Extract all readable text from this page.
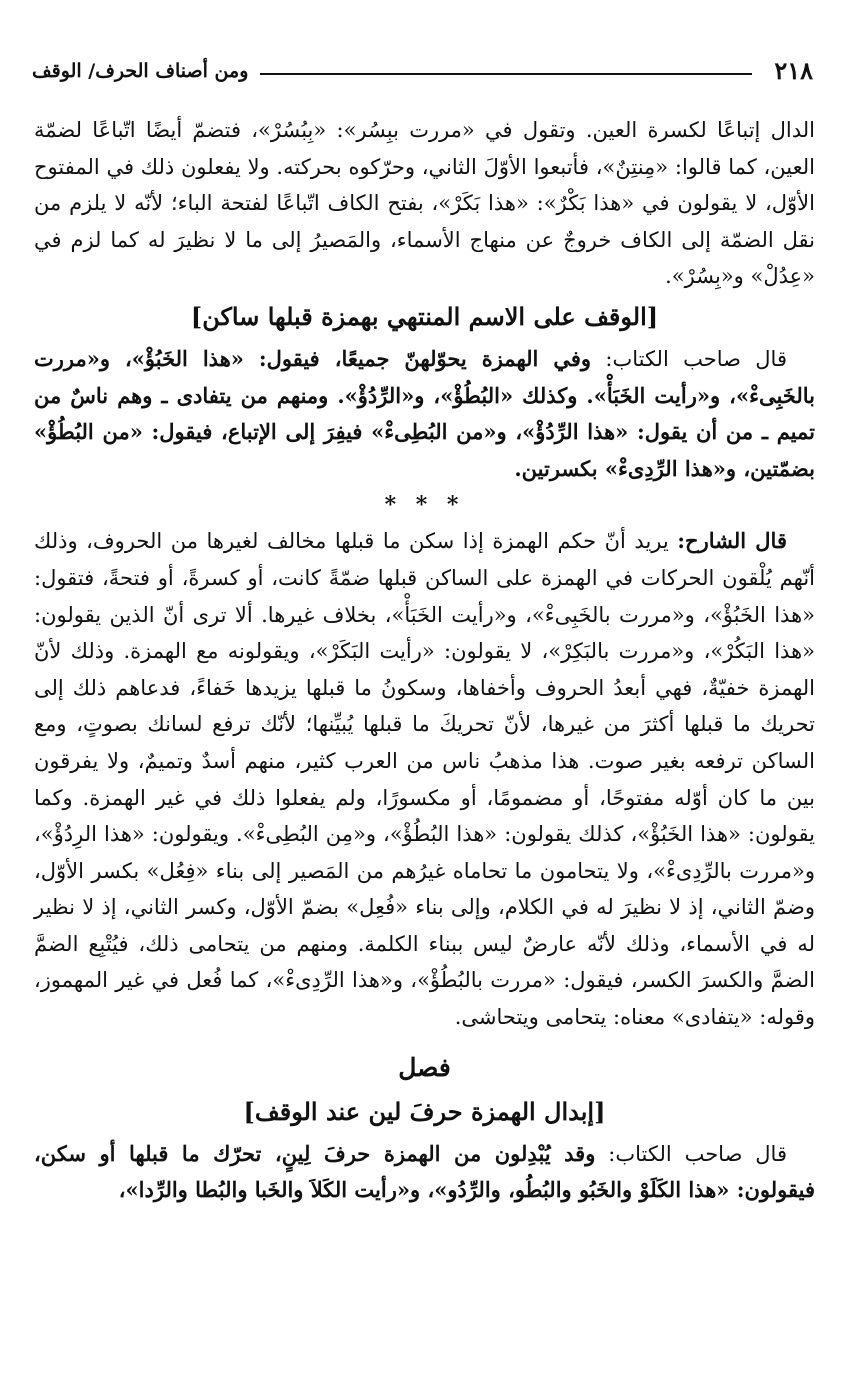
٢١٨
ومن أصناف الحرف/ الوقف

الدال إتباعًا لكسرة العين. وتقول في «مررت ببِسُر»: «بِبُسُرْ»، فتضمّ أيضًا اتّباعًا لضمّة العين، كما قالوا: «مِنتِنٌ»، فأتبعوا الأوّلَ الثاني، وحرّكوه بحركته. ولا يفعلون ذلك في المفتوح الأوّل، لا يقولون في «هذا بَكْرٌ»: «هذا بَكَرْ»، بفتح الكاف اتّباعًا لفتحة الباء؛ لأنّه لا يلزم من نقل الضمّة إلى الكاف خروجٌ عن منهاج الأسماء، والمَصيرُ إلى ما لا نظيرَ له كما لزم في «عِدُلْ» و«بِسُرْ».

[الوقف على الاسم المنتهي بهمزة قبلها ساكن]

قال صاحب الكتاب: وفي الهمزة يحوّلهنّ جميعًا، فيقول: «هذا الخَبُؤْ»، و«مررت بالخَبِىءْ»، و«رأيت الخَبَأْ». وكذلك «البُطُؤْ»، و«الرِّدُؤْ». ومنهم من يتفادى ـ وهم ناسٌ من تميم ـ من أن يقول: «هذا الرِّدُؤْ»، و«من البُطِىءْ» فيفِرَ إلى الإتباع، فيقول: «من البُطُؤْ» بضمّتين، و«هذا الرِّدِىءْ» بكسرتين.

* * *

قال الشارح: يريد أنّ حكم الهمزة إذا سكن ما قبلها مخالف لغيرها من الحروف، وذلك أنّهم يُلْقون الحركات في الهمزة على الساكن قبلها ضمّةً كانت، أو كسرةً، أو فتحةً، فتقول: «هذا الخَبُؤْ»، و«مررت بالخَبِىءْ»، و«رأيت الخَبَأْ»، بخلاف غيرها. ألا ترى أنّ الذين يقولون: «هذا البَكُرْ»، و«مررت بالبَكِرْ»، لا يقولون: «رأيت البَكَرْ»، ويقولونه مع الهمزة. وذلك لأنّ الهمزة خفيّةٌ، فهي أبعدُ الحروف وأخفاها، وسكونُ ما قبلها يزيدها خَفاءً، فدعاهم ذلك إلى تحريك ما قبلها أكثرَ من غيرها، لأنّ تحريكَ ما قبلها يُبيِّنها؛ لأنّك ترفع لسانك بصوتٍ، ومع الساكن ترفعه بغير صوت. هذا مذهبُ ناس من العرب كثير، منهم أسدٌ وتميمٌ، ولا يفرقون بين ما كان أوّله مفتوحًا، أو مضمومًا، أو مكسورًا، ولم يفعلوا ذلك في غير الهمزة. وكما يقولون: «هذا الخَبُؤْ»، كذلك يقولون: «هذا البُطُؤْ»، و«مِن البُطِىءْ». ويقولون: «هذا الرِدُؤْ»، و«مررت بالرِّدِىءْ»، ولا يتحامون ما تحاماه غيرُهم من المَصير إلى بناء «فِعُل» بكسر الأوّل، وضمّ الثاني، إذ لا نظيرَ له في الكلام، وإلى بناء «فُعِل» بضمّ الأوّل، وكسر الثاني، إذ لا نظير له في الأسماء، وذلك لأنّه عارضٌ ليس ببناء الكلمة. ومنهم من يتحامى ذلك، فيُتْبِع الضمَّ الضمَّ والكسرَ الكسر، فيقول: «مررت بالبُطُؤْ»، و«هذا الرِّدِىءْ»، كما فُعل في غير المهموز، وقوله: «يتفادى» معناه: يتحامى ويتحاشى.

فصل
[إبدال الهمزة حرفَ لين عند الوقف]

قال صاحب الكتاب: وقد يُبْدِلون من الهمزة حرفَ لِينٍ، تحرّك ما قبلها أو سكن، فيقولون: «هذا الكَلَوْ والخَبُو والبُطُو، والرِّدُو»، و«رأيت الكَلاَ والخَبا والبُطا والرِّدا»،
